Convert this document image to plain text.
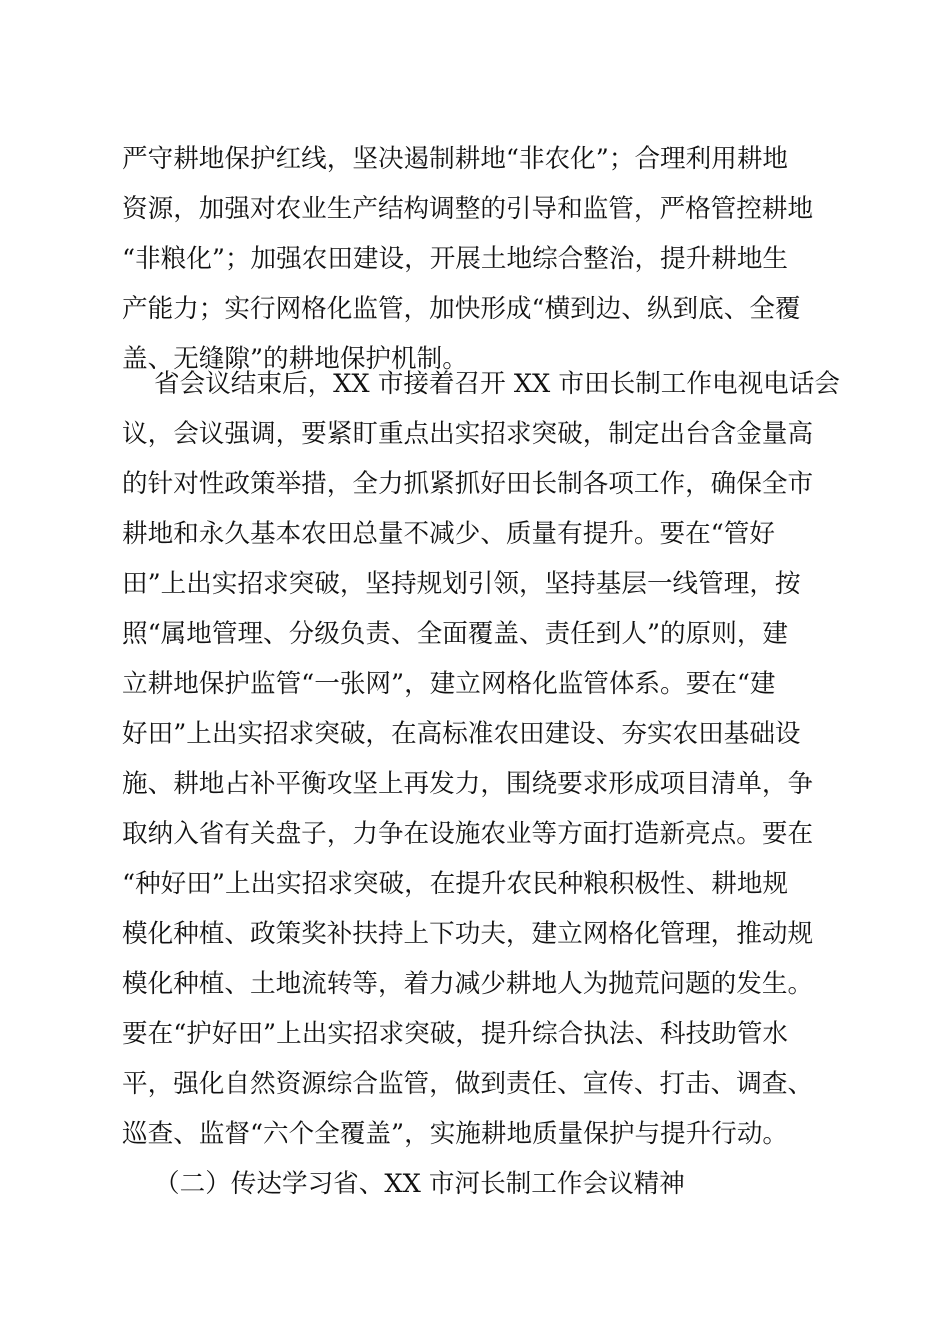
严守耕地保护红线，坚决遏制耕地“非农化”；合理利用耕地
资源，加强对农业生产结构调整的引导和监管，严格管控耕地
“非粮化”；加强农田建设，开展土地综合整治，提升耕地生
产能力；实行网格化监管，加快形成“横到边、纵到底、全覆
盖、无缝隙”的耕地保护机制。
省会议结束后，XX 市接着召开 XX 市田长制工作电视电话会
议，会议强调，要紧盯重点出实招求突破，制定出台含金量高
的针对性政策举措，全力抓紧抓好田长制各项工作，确保全市
耕地和永久基本农田总量不减少、质量有提升。要在“管好
田”上出实招求突破，坚持规划引领，坚持基层一线管理，按
照“属地管理、分级负责、全面覆盖、责任到人”的原则，建
立耕地保护监管“一张网”，建立网格化监管体系。要在“建
好田”上出实招求突破，在高标准农田建设、夯实农田基础设
施、耕地占补平衡攻坚上再发力，围绕要求形成项目清单，争
取纳入省有关盘子，力争在设施农业等方面打造新亮点。要在
“种好田”上出实招求突破，在提升农民种粮积极性、耕地规
模化种植、政策奖补扶持上下功夫，建立网格化管理，推动规
模化种植、土地流转等，着力减少耕地人为抛荒问题的发生。
要在“护好田”上出实招求突破，提升综合执法、科技助管水
平，强化自然资源综合监管，做到责任、宣传、打击、调查、
巡查、监督“六个全覆盖”，实施耕地质量保护与提升行动。
（二）传达学习省、XX 市河长制工作会议精神
